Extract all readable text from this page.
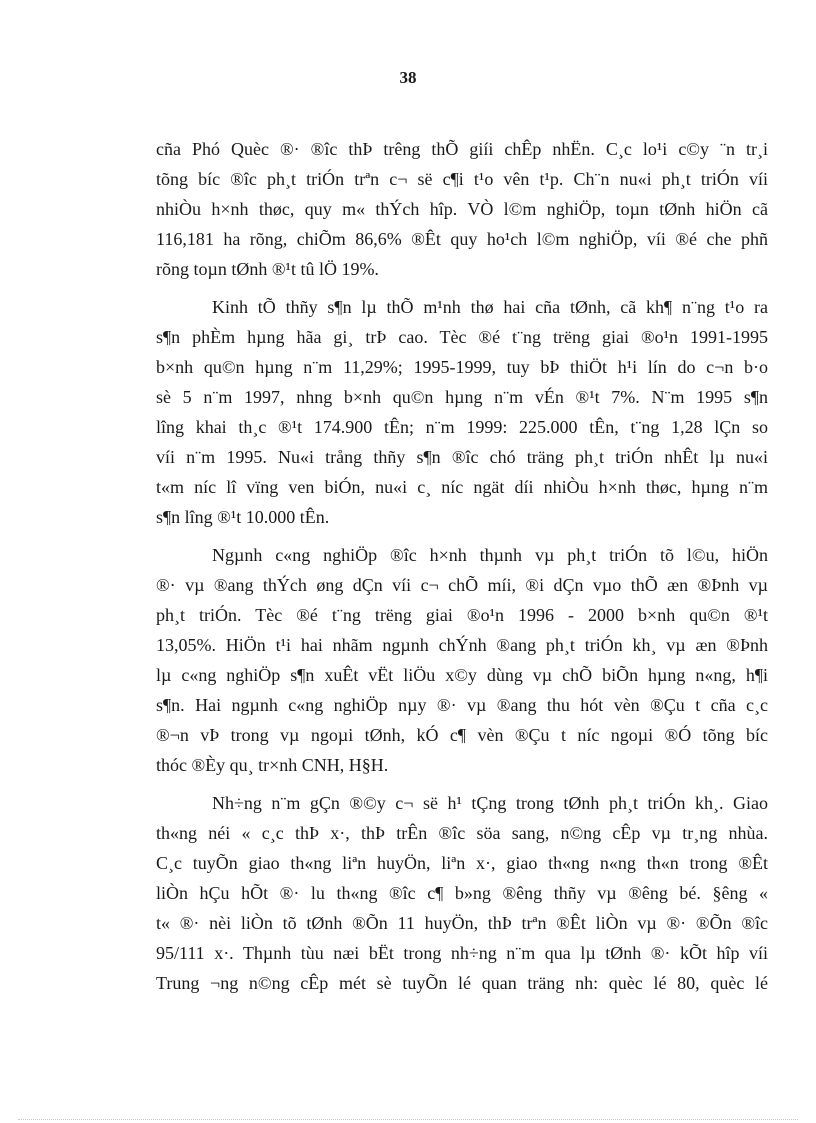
38
cña Phó Quèc ®· ®îc thÞ trêng thÕ giíi chÊp nhËn. C¸c lo¹i c©y ¨n tr¸i
tõng bíc ®îc ph¸t triÓn trªn c¬ së c¶i t¹o vên t¹p. Ch¨n nu«i ph¸t triÓn víi
nhiÒu h×nh thøc, quy m« thÝch hîp. VÒ l©m nghiÖp, toµn tØnh hiÖn cã
116,181 ha rõng, chiÕm 86,6% ®Êt quy ho¹ch l©m nghiÖp, víi ®é che phñ
rõng toµn tØnh ®¹t tû lÖ 19%.
Kinh tÕ thñy s¶n lµ thÕ m¹nh thø hai cña tØnh, cã kh¶ n¨ng t¹o ra
s¶n phÈm hµng hãa gi¸ trÞ cao. Tèc ®é t¨ng trëng giai ®o¹n 1991-1995
b×nh qu©n hµng n¨m 11,29%; 1995-1999, tuy bÞ thiÖt h¹i lín do c¬n b·o
sè 5 n¨m 1997, nhng b×nh qu©n hµng n¨m vÉn ®¹t 7%. N¨m 1995 s¶n
lîng khai th¸c ®¹t 174.900 tÊn; n¨m 1999: 225.000 tÊn, t¨ng 1,28 lÇn so
víi n¨m 1995. Nu«i trång thñy s¶n ®îc chó träng ph¸t triÓn nhÊt lµ nu«i
t«m níc lî vïng ven biÓn, nu«i c¸ níc ngät díi nhiÒu h×nh thøc, hµng n¨m
s¶n lîng ®¹t 10.000 tÊn.
Ngµnh c«ng nghiÖp ®îc h×nh thµnh vµ ph¸t triÓn tõ l©u, hiÖn
®· vµ ®ang thÝch øng dÇn víi c¬ chÕ míi, ®i dÇn vµo thÕ æn ®Þnh vµ
ph¸t triÓn. Tèc ®é t¨ng trëng giai ®o¹n 1996 - 2000 b×nh qu©n ®¹t
13,05%. HiÖn t¹i hai nhãm ngµnh chÝnh ®ang ph¸t triÓn kh¸ vµ æn ®Þnh
lµ c«ng nghiÖp s¶n xuÊt vËt liÖu x©y dùng vµ chÕ biÕn hµng n«ng, h¶i
s¶n. Hai ngµnh c«ng nghiÖp nµy ®· vµ ®ang thu hót vèn ®Çu t cña c¸c
®¬n vÞ trong vµ ngoµi tØnh, kÓ c¶ vèn ®Çu t níc ngoµi ®Ó tõng bíc
thóc ®Èy qu¸ tr×nh CNH, H§H.
Nh÷ng n¨m gÇn ®©y c¬ së h¹ tÇng trong tØnh ph¸t triÓn kh¸. Giao
th«ng néi « c¸c thÞ x·, thÞ trÊn ®îc söa sang, n©ng cÊp vµ tr¸ng nhùa.
C¸c tuyÕn giao th«ng liªn huyÖn, liªn x·, giao th«ng n«ng th«n trong ®Êt
liÒn hÇu hÕt ®· lu th«ng ®îc c¶ b»ng ®êng thñy vµ ®êng bé. §êng «
t« ®· nèi liÒn tõ tØnh ®Õn 11 huyÖn, thÞ trªn ®Êt liÒn vµ ®· ®Õn ®îc
95/111 x·. Thµnh tùu næi bËt trong nh÷ng n¨m qua lµ tØnh ®· kÕt hîp víi
Trung ¬ng n©ng cÊp mét sè tuyÕn lé quan träng nh: quèc lé 80, quèc lé
